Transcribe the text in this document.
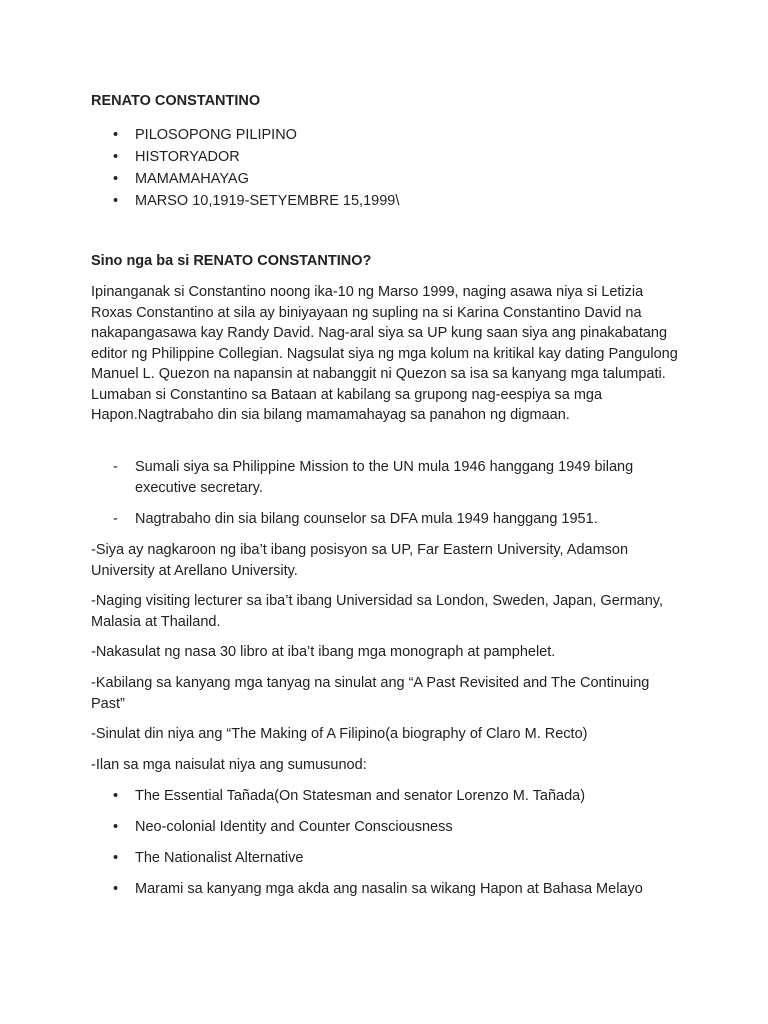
RENATO CONSTANTINO
• PILOSOPONG PILIPINO
• HISTORYADOR
• MAMAMAHAYAG
• MARSO 10,1919-SETYEMBRE 15,1999\
Sino nga ba si RENATO CONSTANTINO?

Ipinanganak si Constantino noong ika-10 ng Marso 1999, naging asawa niya si Letizia Roxas Constantino at sila ay biniyayaan ng supling na si Karina Constantino David na nakapangasawa kay Randy David. Nag-aral siya sa UP kung saan siya ang pinakabatang editor ng Philippine Collegian. Nagsulat siya ng mga kolum na kritikal kay dating Pangulong Manuel L. Quezon na napansin at nabanggit ni Quezon sa isa sa kanyang mga talumpati. Lumaban si Constantino sa Bataan at kabilang sa grupong nag-eespiya sa mga Hapon.Nagtrabaho din sia bilang mamamahayag sa panahon ng digmaan.

- Sumali siya sa Philippine Mission to the UN mula 1946 hanggang 1949 bilang executive secretary.
- Nagtrabaho din sia bilang counselor sa DFA mula 1949 hanggang 1951.

-Siya ay nagkaroon ng iba’t ibang posisyon sa UP, Far Eastern University, Adamson University at Arellano University.

-Naging visiting lecturer sa iba’t ibang Universidad sa London, Sweden, Japan, Germany, Malasia at Thailand.

-Nakasulat ng nasa 30 libro at iba’t ibang mga monograph at pamphelet.

-Kabilang sa kanyang mga tanyag na sinulat ang “A Past Revisited and The Continuing Past”

-Sinulat din niya ang “The Making of A Filipino(a biography of Claro M. Recto)

-Ilan sa mga naisulat niya ang sumusunod:

• The Essential Tañada(On Statesman and senator Lorenzo M. Tañada)
• Neo-colonial Identity and Counter Consciousness
• The Nationalist Alternative
• Marami sa kanyang mga akda ang nasalin sa wikang Hapon at Bahasa Melayo
